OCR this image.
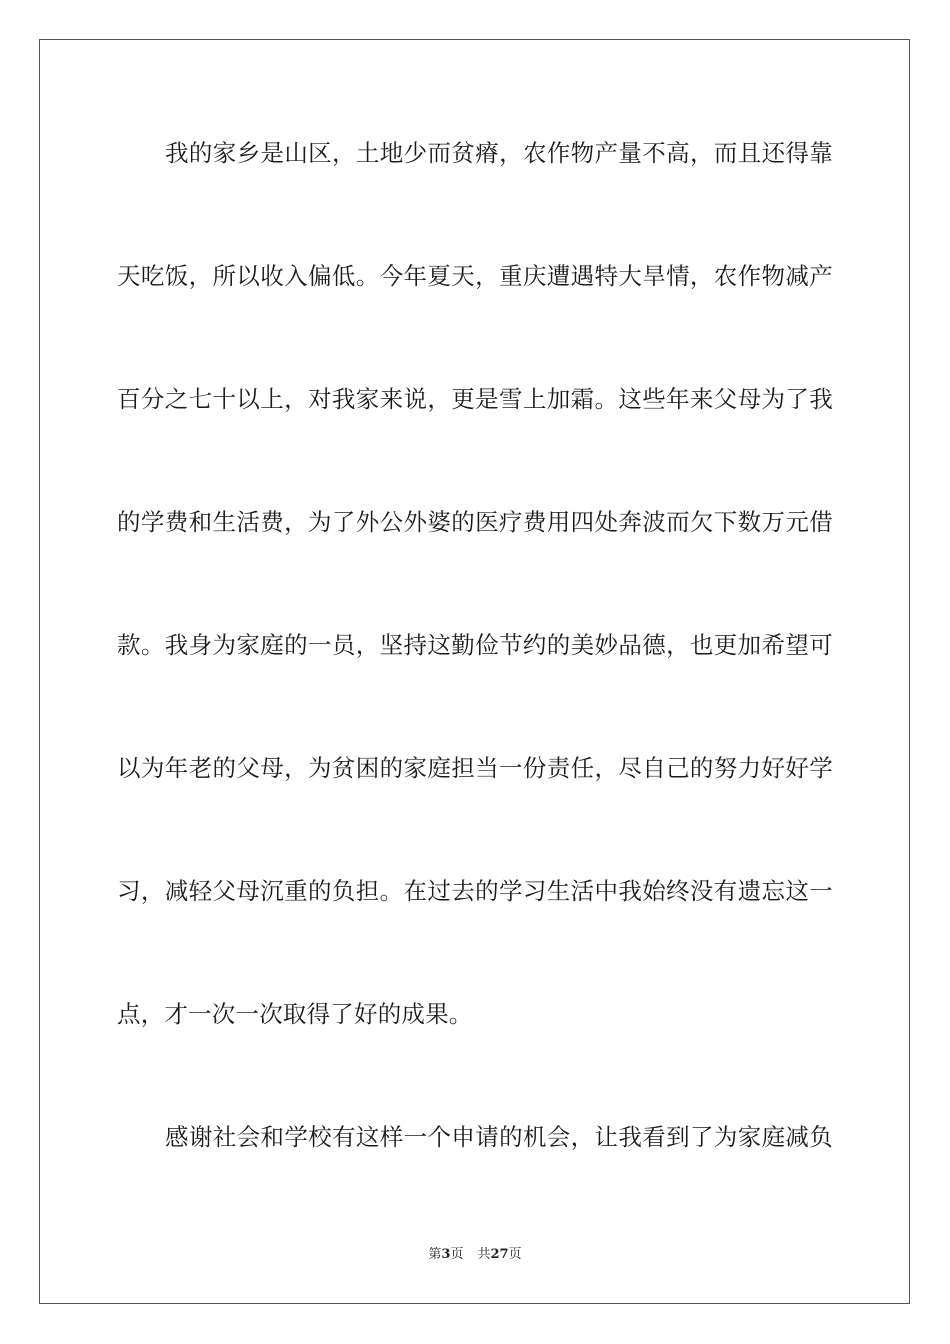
我的家乡是山区，土地少而贫瘠，农作物产量不高，而且还得靠
天吃饭，所以收入偏低。今年夏天，重庆遭遇特大旱情，农作物减产
百分之七十以上，对我家来说，更是雪上加霜。这些年来父母为了我
的学费和生活费，为了外公外婆的医疗费用四处奔波而欠下数万元借
款。我身为家庭的一员，坚持这勤俭节约的美妙品德，也更加希望可
以为年老的父母，为贫困的家庭担当一份责任，尽自己的努力好好学
习，减轻父母沉重的负担。在过去的学习生活中我始终没有遗忘这一
点，才一次一次取得了好的成果。
感谢社会和学校有这样一个申请的机会，让我看到了为家庭减负
第3页 共27页
